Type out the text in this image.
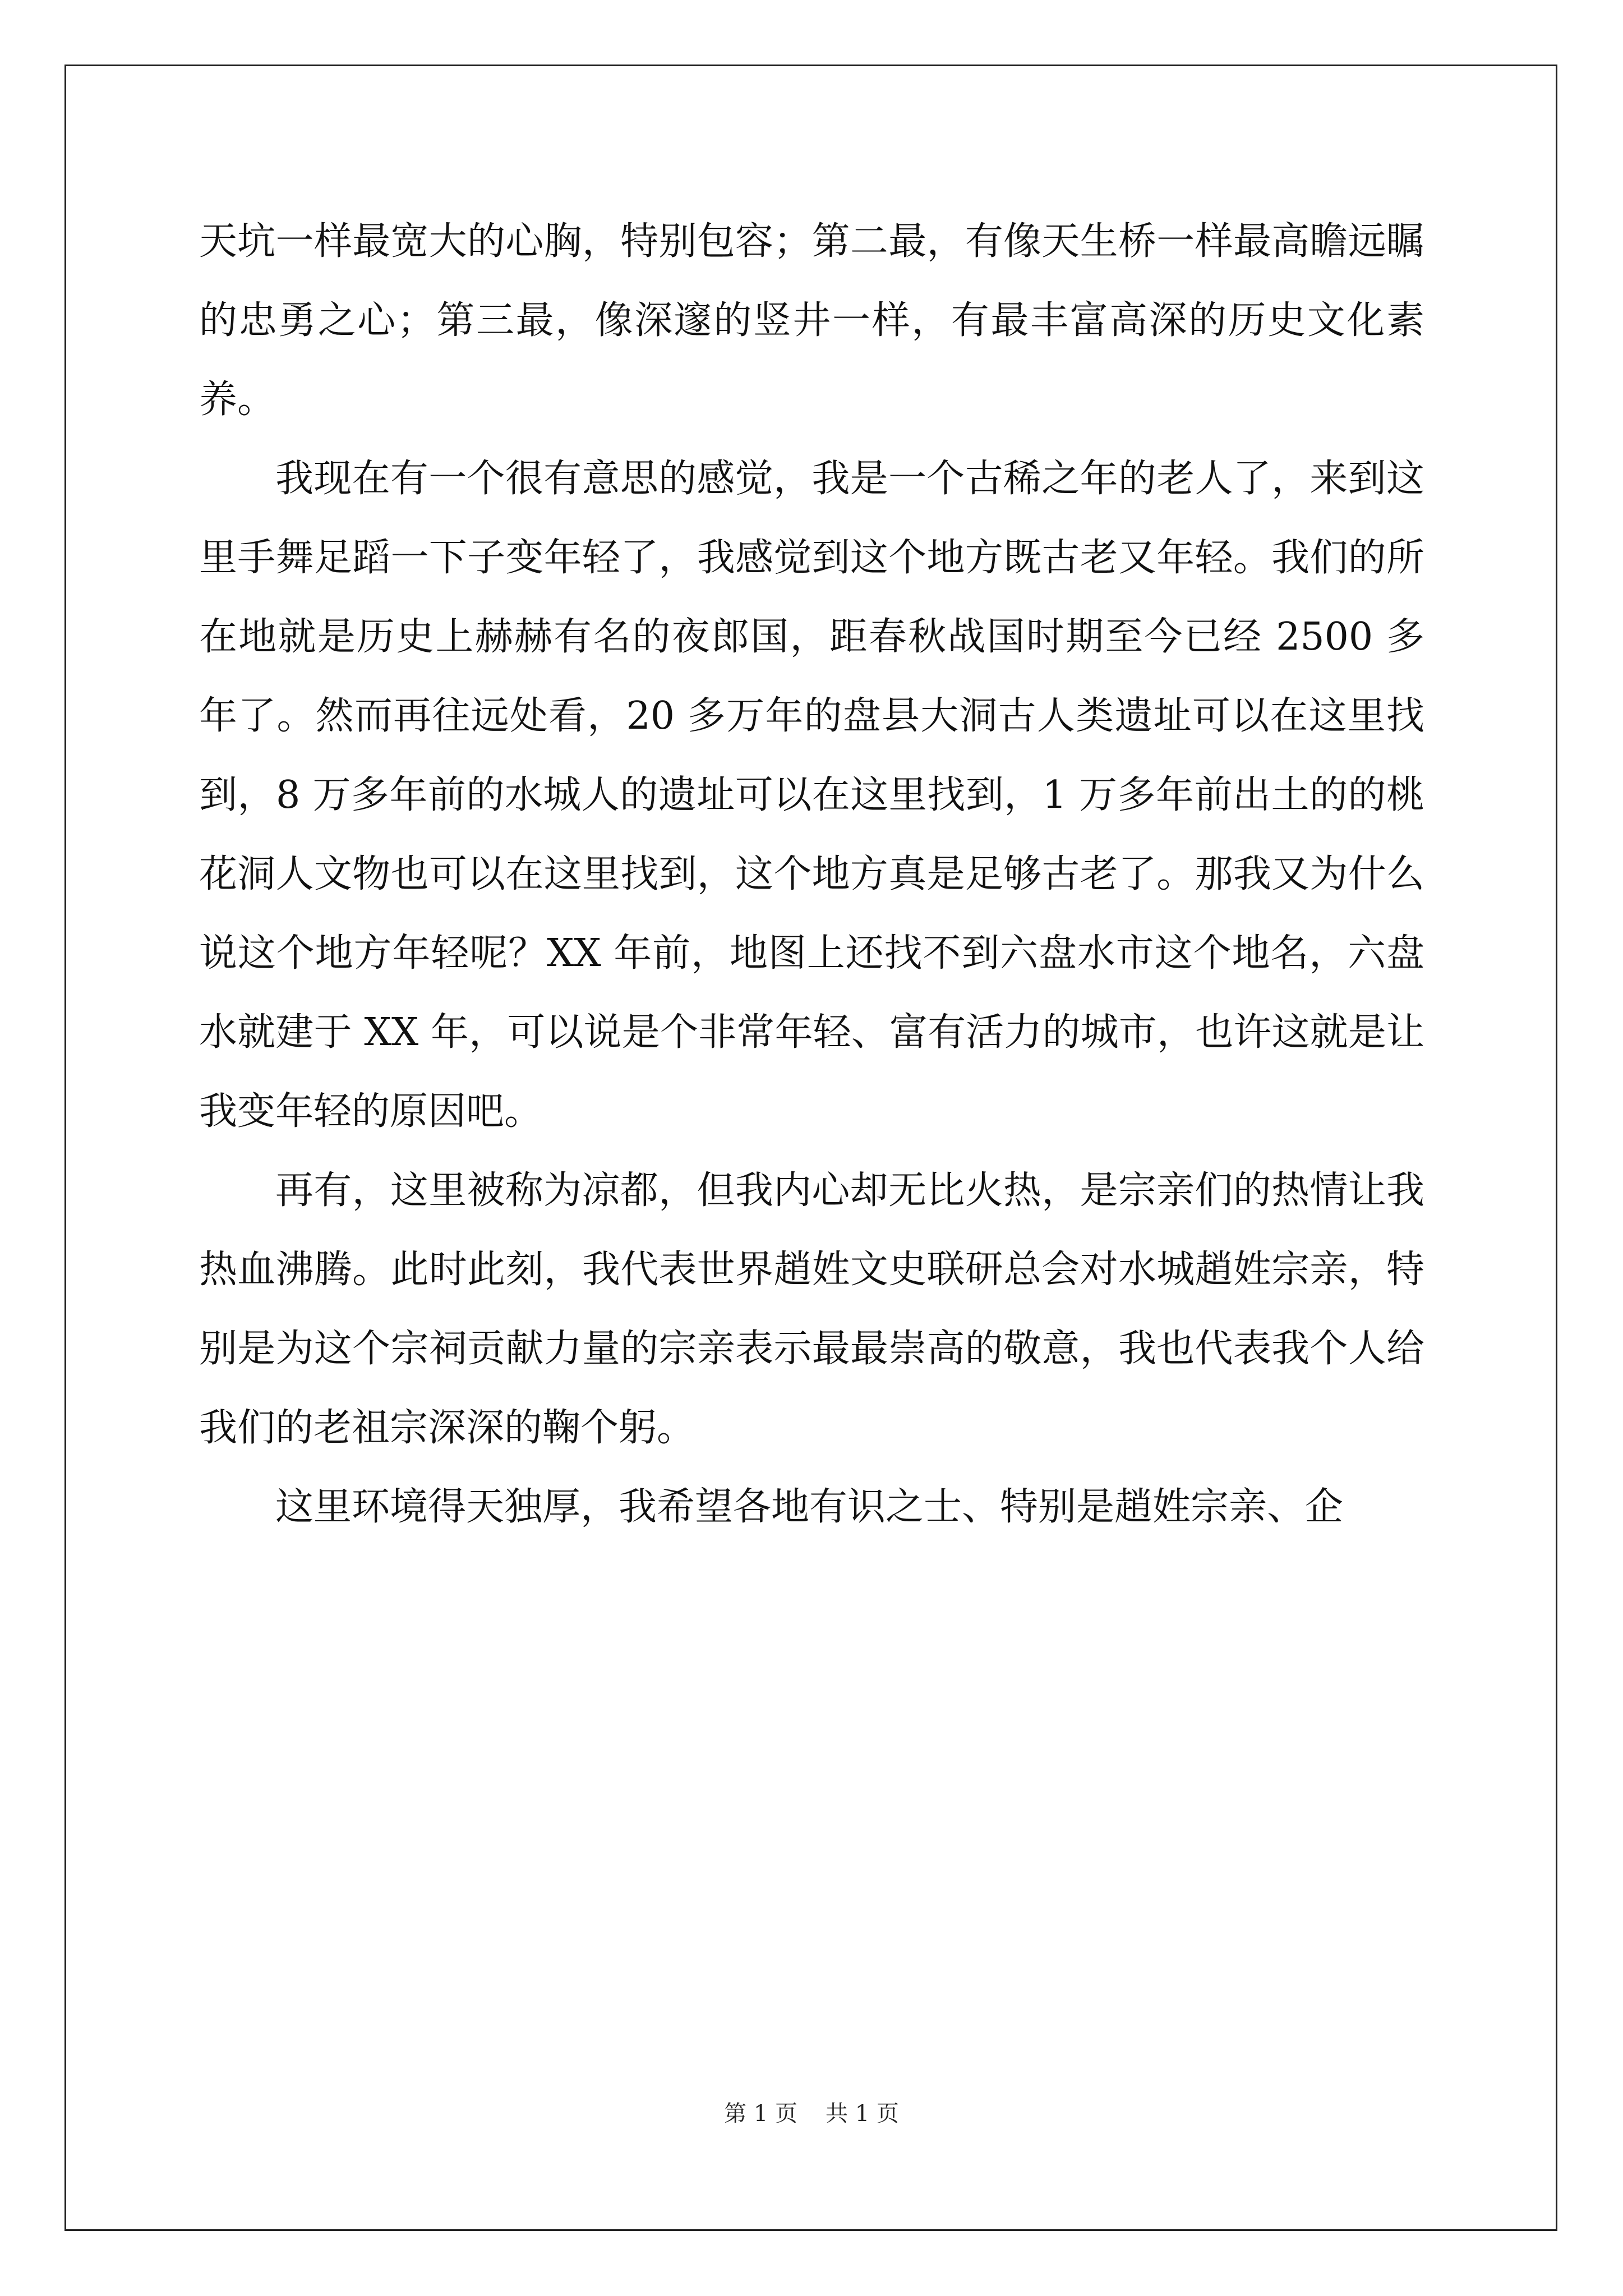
天坑一样最宽大的心胸，特别包容；第二最，有像天生桥一样最高瞻远瞩的忠勇之心；第三最，像深邃的竖井一样，有最丰富高深的历史文化素养。

我现在有一个很有意思的感觉，我是一个古稀之年的老人了，来到这里手舞足蹈一下子变年轻了，我感觉到这个地方既古老又年轻。我们的所在地就是历史上赫赫有名的夜郎国，距春秋战国时期至今已经 2500 多年了。然而再往远处看，20 多万年的盘县大洞古人类遗址可以在这里找到，8 万多年前的水城人的遗址可以在这里找到，1 万多年前出土的的桃花洞人文物也可以在这里找到，这个地方真是足够古老了。那我又为什么说这个地方年轻呢？XX 年前，地图上还找不到六盘水市这个地名，六盘水就建于 XX 年，可以说是个非常年轻、富有活力的城市，也许这就是让我变年轻的原因吧。

再有，这里被称为凉都，但我内心却无比火热，是宗亲们的热情让我热血沸腾。此时此刻，我代表世界趙姓文史联研总会对水城趙姓宗亲，特别是为这个宗祠贡献力量的宗亲表示最最崇高的敬意，我也代表我个人给我们的老祖宗深深的鞠个躬。

这里环境得天独厚，我希望各地有识之士、特别是趙姓宗亲、企

第 1 页 共 1 页
